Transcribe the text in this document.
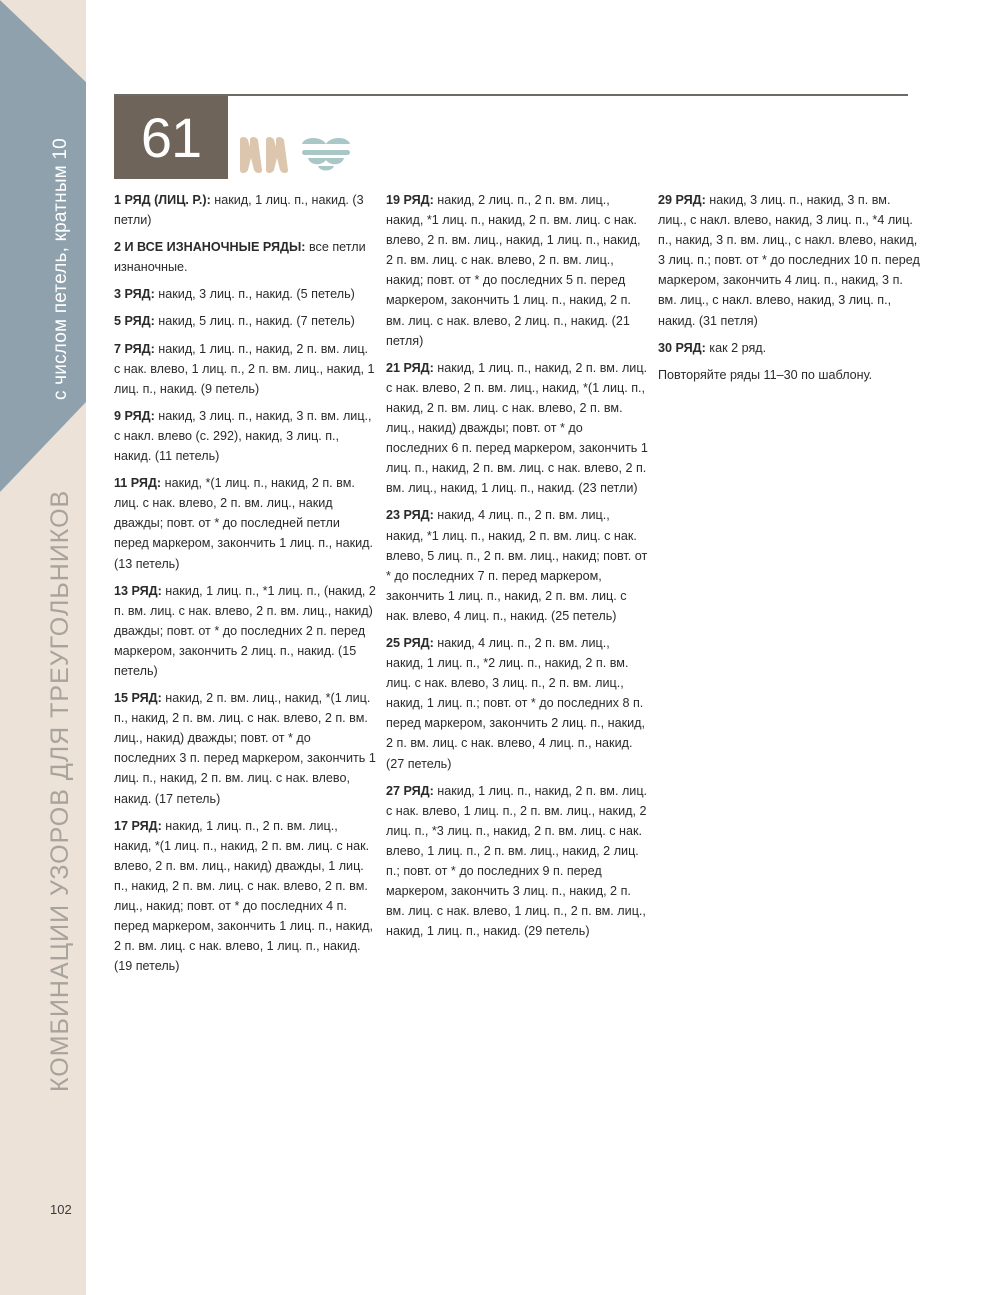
с числом петель, кратным 10
КОМБИНАЦИИ УЗОРОВ ДЛЯ ТРЕУГОЛЬНИКОВ
102
61
1 РЯД (ЛИЦ. Р.): накид, 1 лиц. п., накид. (3 петли)
2 И ВСЕ ИЗНАНОЧНЫЕ РЯДЫ: все петли изнаночные.
3 РЯД: накид, 3 лиц. п., накид. (5 петель)
5 РЯД: накид, 5 лиц. п., накид. (7 петель)
7 РЯД: накид, 1 лиц. п., накид, 2 п. вм. лиц. с нак. влево, 1 лиц. п., 2 п. вм. лиц., накид, 1 лиц. п., накид. (9 петель)
9 РЯД: накид, 3 лиц. п., накид, 3 п. вм. лиц., с накл. влево (с. 292), накид, 3 лиц. п., накид. (11 петель)
11 РЯД: накид, *(1 лиц. п., накид, 2 п. вм. лиц. с нак. влево, 2 п. вм. лиц., накид дважды; повт. от * до последней петли перед маркером, закончить 1 лиц. п., накид. (13 петель)
13 РЯД: накид, 1 лиц. п., *1 лиц. п., (накид, 2 п. вм. лиц. с нак. влево, 2 п. вм. лиц., накид) дважды; повт. от * до последних 2 п. перед маркером, закончить 2 лиц. п., накид. (15 петель)
15 РЯД: накид, 2 п. вм. лиц., накид, *(1 лиц. п., накид, 2 п. вм. лиц. с нак. влево, 2 п. вм. лиц., накид) дважды; повт. от * до последних 3 п. перед маркером, закончить 1 лиц. п., накид, 2 п. вм. лиц. с нак. влево, накид. (17 петель)
17 РЯД: накид, 1 лиц. п., 2 п. вм. лиц., накид, *(1 лиц. п., накид, 2 п. вм. лиц. с нак. влево, 2 п. вм. лиц., накид) дважды, 1 лиц. п., накид, 2 п. вм. лиц. с нак. влево, 2 п. вм. лиц., накид; повт. от * до последних 4 п. перед маркером, закончить 1 лиц. п., накид, 2 п. вм. лиц. с нак. влево, 1 лиц. п., накид. (19 петель)
19 РЯД: накид, 2 лиц. п., 2 п. вм. лиц., накид, *1 лиц. п., накид, 2 п. вм. лиц. с нак. влево, 2 п. вм. лиц., накид, 1 лиц. п., накид, 2 п. вм. лиц. с нак. влево, 2 п. вм. лиц., накид; повт. от * до последних 5 п. перед маркером, закончить 1 лиц. п., накид, 2 п. вм. лиц. с нак. влево, 2 лиц. п., накид. (21 петля)
21 РЯД: накид, 1 лиц. п., накид, 2 п. вм. лиц. с нак. влево, 2 п. вм. лиц., накид, *(1 лиц. п., накид, 2 п. вм. лиц. с нак. влево, 2 п. вм. лиц., накид) дважды; повт. от * до последних 6 п. перед маркером, закончить 1 лиц. п., накид, 2 п. вм. лиц. с нак. влево, 2 п. вм. лиц., накид, 1 лиц. п., накид. (23 петли)
23 РЯД: накид, 4 лиц. п., 2 п. вм. лиц., накид, *1 лиц. п., накид, 2 п. вм. лиц. с нак. влево, 5 лиц. п., 2 п. вм. лиц., накид; повт. от * до последних 7 п. перед маркером, закончить 1 лиц. п., накид, 2 п. вм. лиц. с нак. влево, 4 лиц. п., накид. (25 петель)
25 РЯД: накид, 4 лиц. п., 2 п. вм. лиц., накид, 1 лиц. п., *2 лиц. п., накид, 2 п. вм. лиц. с нак. влево, 3 лиц. п., 2 п. вм. лиц., накид, 1 лиц. п.; повт. от * до последних 8 п. перед маркером, закончить 2 лиц. п., накид, 2 п. вм. лиц. с нак. влево, 4 лиц. п., накид. (27 петель)
27 РЯД: накид, 1 лиц. п., накид, 2 п. вм. лиц. с нак. влево, 1 лиц. п., 2 п. вм. лиц., накид, 2 лиц. п., *3 лиц. п., накид, 2 п. вм. лиц. с нак. влево, 1 лиц. п., 2 п. вм. лиц., накид, 2 лиц. п.; повт. от * до последних 9 п. перед маркером, закончить 3 лиц. п., накид, 2 п. вм. лиц. с нак. влево, 1 лиц. п., 2 п. вм. лиц., накид, 1 лиц. п., накид. (29 петель)
29 РЯД: накид, 3 лиц. п., накид, 3 п. вм. лиц., с накл. влево, накид, 3 лиц. п., *4 лиц. п., накид, 3 п. вм. лиц., с накл. влево, накид, 3 лиц. п.; повт. от * до последних 10 п. перед маркером, закончить 4 лиц. п., накид, 3 п. вм. лиц., с накл. влево, накид, 3 лиц. п., накид. (31 петля)
30 РЯД: как 2 ряд.
Повторяйте ряды 11–30 по шаблону.
